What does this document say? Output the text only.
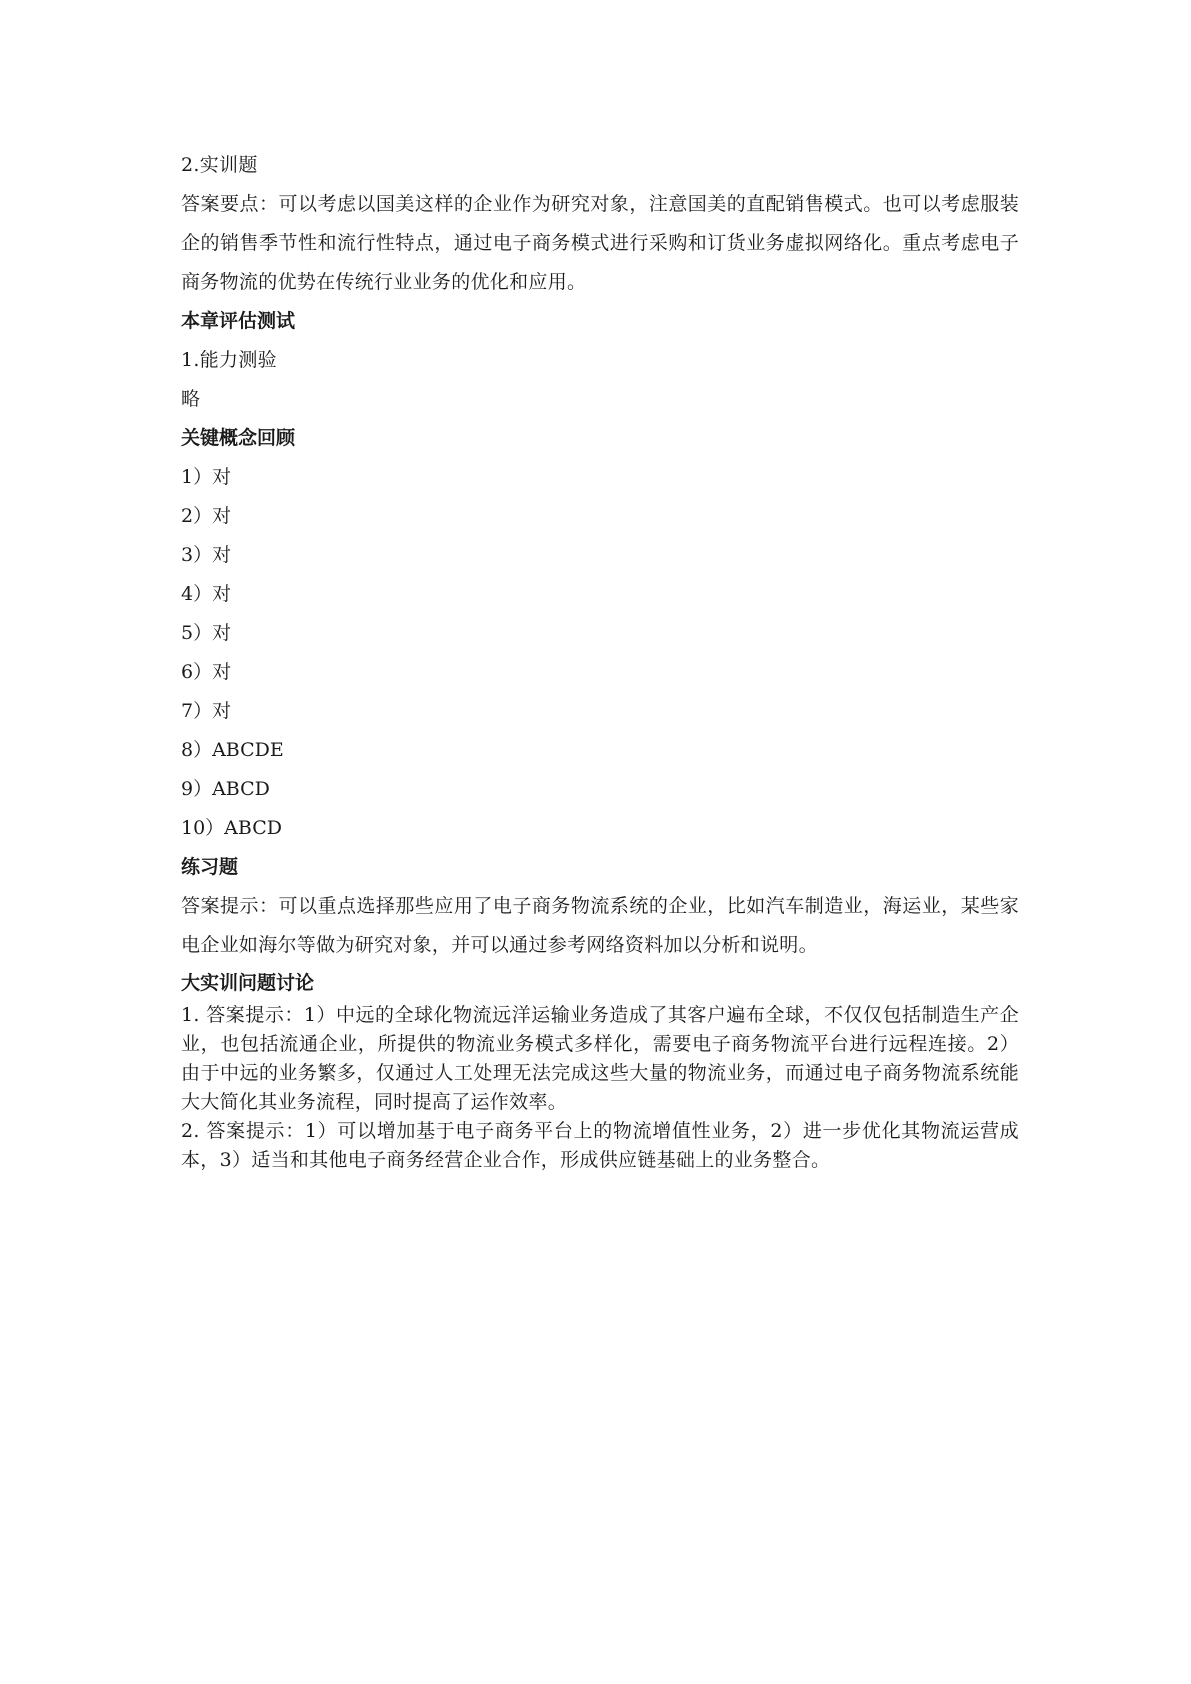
2.实训题
答案要点：可以考虑以国美这样的企业作为研究对象，注意国美的直配销售模式。也可以考虑服装企的销售季节性和流行性特点，通过电子商务模式进行采购和订货业务虚拟网络化。重点考虑电子商务物流的优势在传统行业业务的优化和应用。
本章评估测试
1.能力测验
略
关键概念回顾
1）对
2）对
3）对
4）对
5）对
6）对
7）对
8）ABCDE
9）ABCD
10）ABCD
练习题
答案提示：可以重点选择那些应用了电子商务物流系统的企业，比如汽车制造业，海运业，某些家电企业如海尔等做为研究对象，并可以通过参考网络资料加以分析和说明。
大实训问题讨论
1. 答案提示：1）中远的全球化物流远洋运输业务造成了其客户遍布全球，不仅仅包括制造生产企业，也包括流通企业，所提供的物流业务模式多样化，需要电子商务物流平台进行远程连接。2）由于中远的业务繁多，仅通过人工处理无法完成这些大量的物流业务，而通过电子商务物流系统能大大简化其业务流程，同时提高了运作效率。
2. 答案提示：1）可以增加基于电子商务平台上的物流增值性业务，2）进一步优化其物流运营成本，3）适当和其他电子商务经营企业合作，形成供应链基础上的业务整合。
